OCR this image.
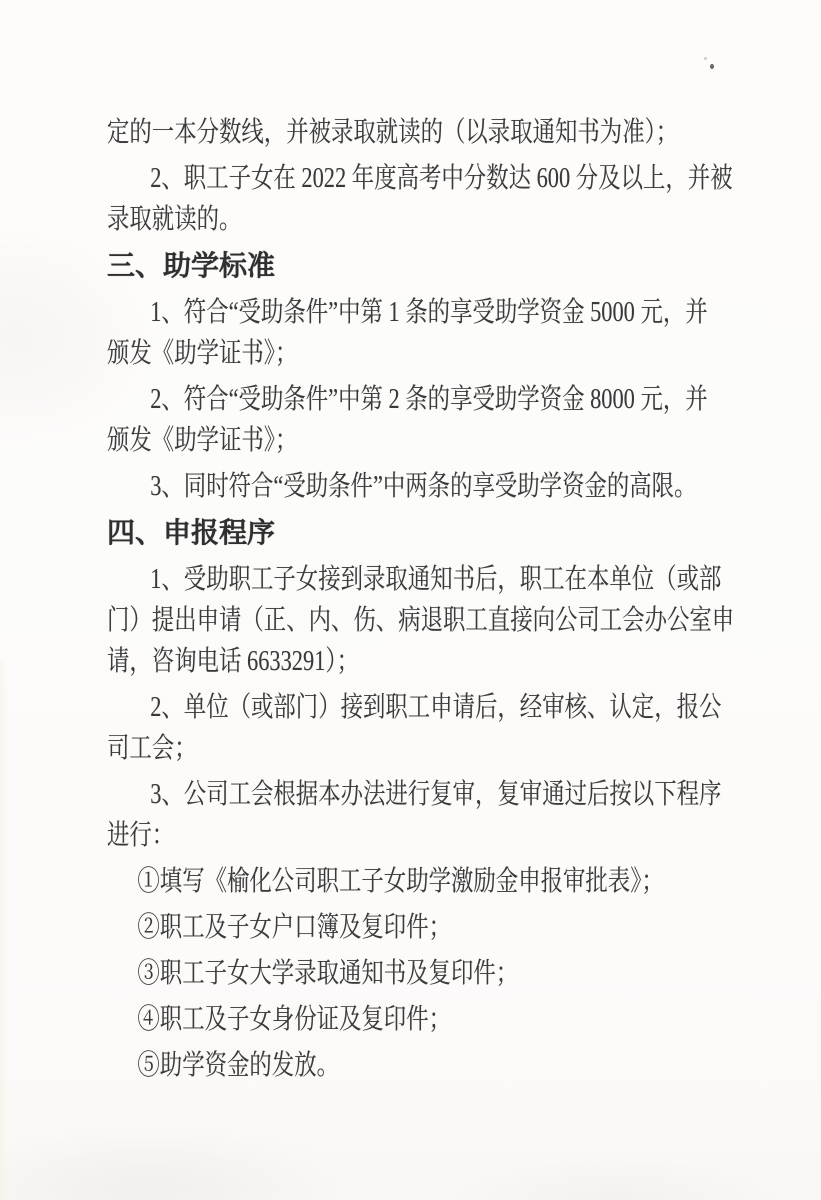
定的一本分数线，并被录取就读的（以录取通知书为准）；
2、职工子女在 2022 年度高考中分数达 600 分及以上，并被
录取就读的。
三、助学标准
1、符合“受助条件”中第 1 条的享受助学资金 5000 元，并
颁发《助学证书》；
2、符合“受助条件”中第 2 条的享受助学资金 8000 元，并
颁发《助学证书》；
3、同时符合“受助条件”中两条的享受助学资金的高限。
四、申报程序
1、受助职工子女接到录取通知书后，职工在本单位（或部
门）提出申请（正、内、伤、病退职工直接向公司工会办公室申
请，咨询电话 6633291）；
2、单位（或部门）接到职工申请后，经审核、认定，报公
司工会；
3、公司工会根据本办法进行复审，复审通过后按以下程序
进行：
①填写《榆化公司职工子女助学激励金申报审批表》；
②职工及子女户口簿及复印件；
③职工子女大学录取通知书及复印件；
④职工及子女身份证及复印件；
⑤助学资金的发放。
